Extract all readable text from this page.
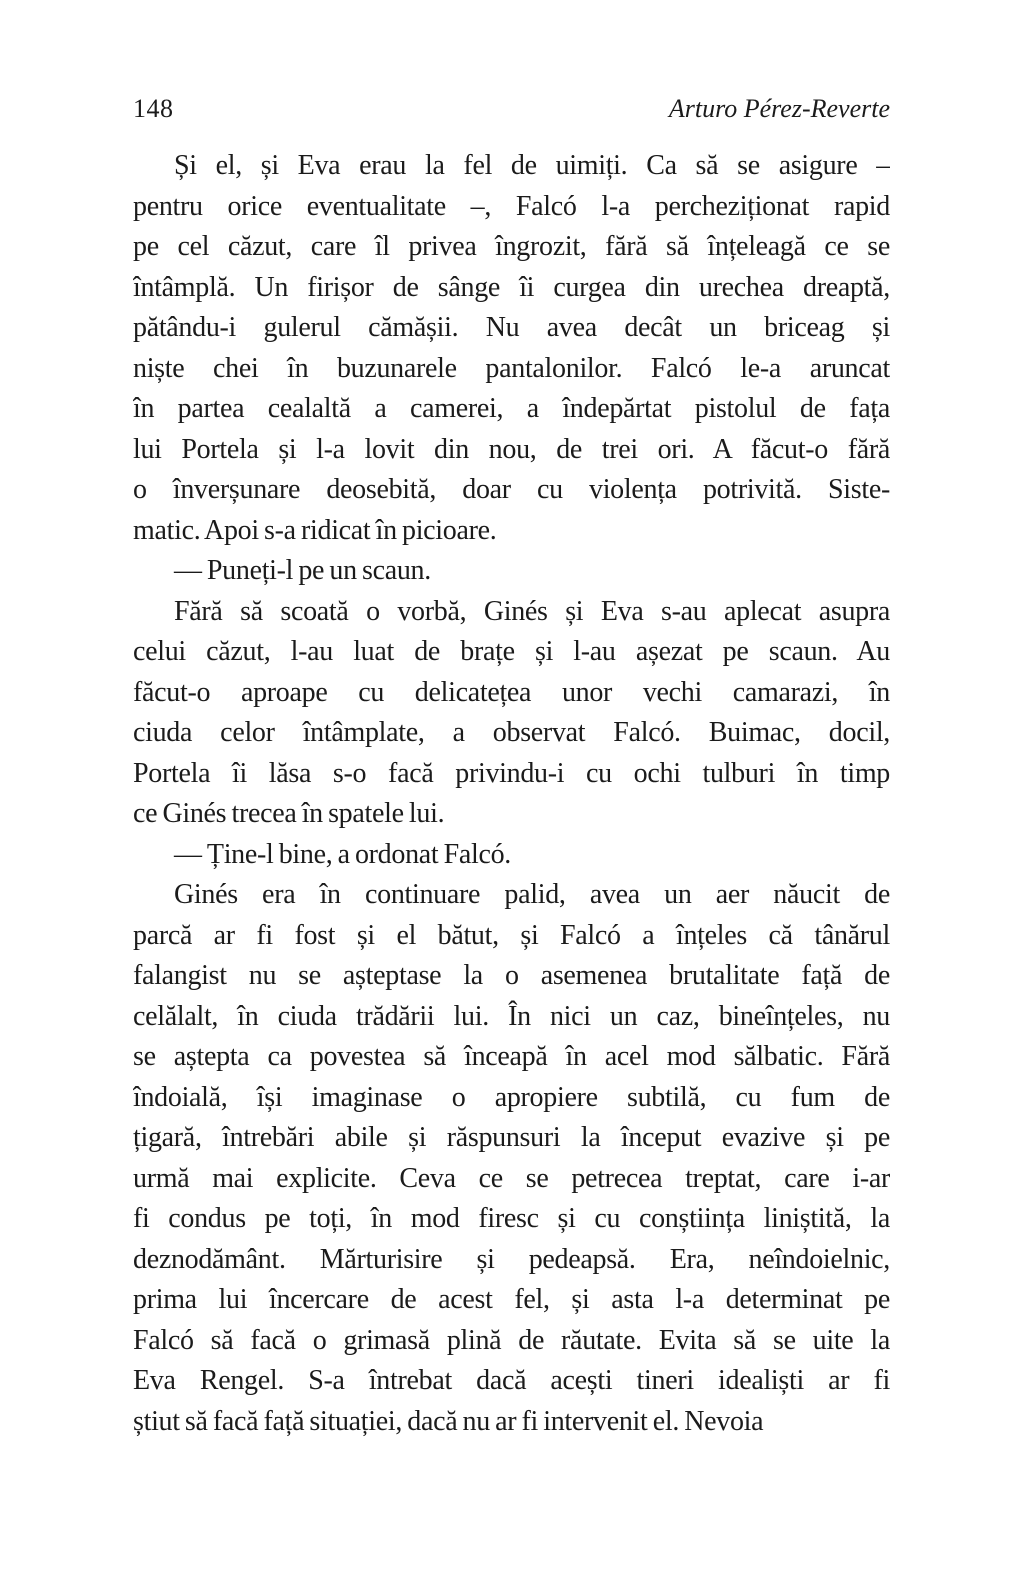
148	Arturo Pérez-Reverte
Și el, și Eva erau la fel de uimiți. Ca să se asigure –
pentru orice eventualitate –, Falcó l-a percheziționat rapid
pe cel căzut, care îl privea îngrozit, fără să înțeleagă ce se
întâmplă. Un firișor de sânge îi curgea din urechea dreaptă,
pătându-i gulerul cămășii. Nu avea decât un briceag și
niște chei în buzunarele pantalonilor. Falcó le-a aruncat
în partea cealaltă a camerei, a îndepărtat pistolul de fața
lui Portela și l-a lovit din nou, de trei ori. A făcut-o fără
o înverșunare deosebită, doar cu violența potrivită. Siste-
matic. Apoi s-a ridicat în picioare.
— Puneți-l pe un scaun.
Fără să scoată o vorbă, Ginés și Eva s-au aplecat asupra
celui căzut, l-au luat de brațe și l-au așezat pe scaun. Au
făcut-o aproape cu delicatețea unor vechi camarazi, în
ciuda celor întâmplate, a observat Falcó. Buimac, docil,
Portela îi lăsa s-o facă privindu-i cu ochi tulburi în timp
ce Ginés trecea în spatele lui.
— Ține-l bine, a ordonat Falcó.
Ginés era în continuare palid, avea un aer năucit de
parcă ar fi fost și el bătut, și Falcó a înțeles că tânărul
falangist nu se așteptase la o asemenea brutalitate față de
celălalt, în ciuda trădării lui. În nici un caz, bineînțeles, nu
se aștepta ca povestea să înceapă în acel mod sălbatic. Fără
îndoială, își imaginase o apropiere subtilă, cu fum de
țigară, întrebări abile și răspunsuri la început evazive și pe
urmă mai explicite. Ceva ce se petrecea treptat, care i-ar
fi condus pe toți, în mod firesc și cu conștiința liniștită, la
deznodământ. Mărturisire și pedeapsă. Era, neîndoielnic,
prima lui încercare de acest fel, și asta l-a determinat pe
Falcó să facă o grimasă plină de răutate. Evita să se uite la
Eva Rengel. S-a întrebat dacă acești tineri idealiști ar fi
știut să facă față situației, dacă nu ar fi intervenit el. Nevoia
